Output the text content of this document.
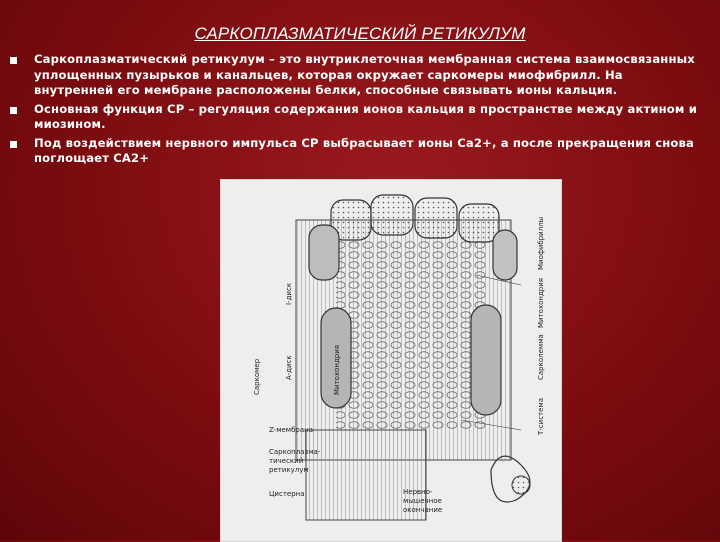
САРКОПЛАЗМАТИЧЕСКИЙ РЕТИКУЛУМ
Саркоплазматический ретикулум – это внутриклеточная мембранная система взаимосвязанных уплощенных пузырьков и канальцев, которая окружает саркомеры миофибрилл. На внутренней его мембране расположены белки, способные связывать ионы кальция.
Основная функция СР – регуляция содержания ионов кальция в пространстве между актином и миозином.
Под воздействием нервного импульса СР выбрасывает ионы Са2+, а после прекращения снова поглощает СА2+
Миофибриллы
Митохондрия
Сарколемма
Т-система
I-диск
A-диск
Саркомер	Митохондрия
Z-мембрана
Саркоплазма-
тический
ретикулум
Цистерна	Нервно-
мышечное
окончание
